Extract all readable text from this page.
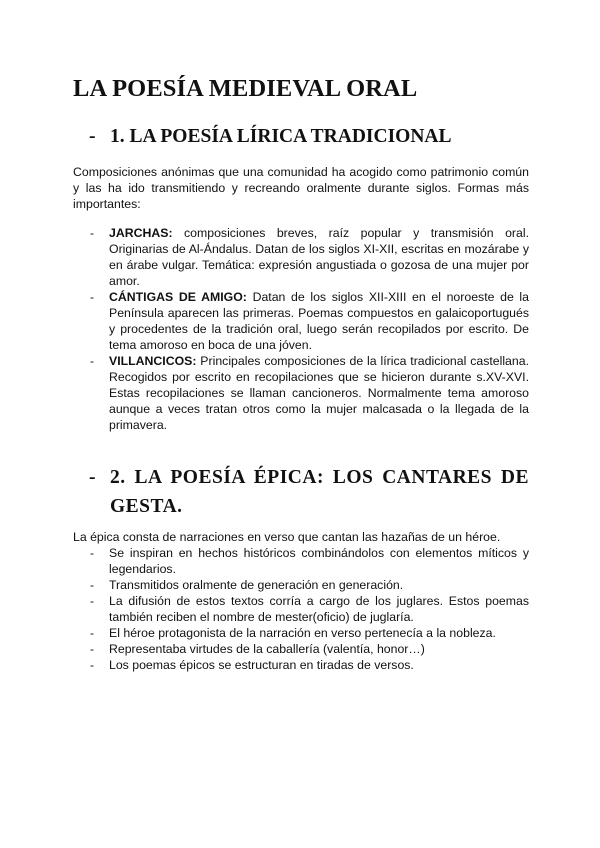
LA POESÍA MEDIEVAL ORAL
- 1. LA POESÍA LÍRICA TRADICIONAL

Composiciones anónimas que una comunidad ha acogido como patrimonio común y las ha ido transmitiendo y recreando oralmente durante siglos. Formas más importantes:

- JARCHAS: composiciones breves, raíz popular y transmisión oral. Originarias de Al-Ándalus. Datan de los siglos XI-XII, escritas en mozárabe y en árabe vulgar. Temática: expresión angustiada o gozosa de una mujer por amor.
- CÁNTIGAS DE AMIGO: Datan de los siglos XII-XIII en el noroeste de la Península aparecen las primeras. Poemas compuestos en galaicoportugués y procedentes de la tradición oral, luego serán recopilados por escrito. De tema amoroso en boca de una jóven.
- VILLANCICOS: Principales composiciones de la lírica tradicional castellana. Recogidos por escrito en recopilaciones que se hicieron durante s.XV-XVI. Estas recopilaciones se llaman cancioneros. Normalmente tema amoroso aunque a veces tratan otros como la mujer malcasada o la llegada de la primavera.
- 2. LA POESÍA ÉPICA: LOS CANTARES DE GESTA.

La épica consta de narraciones en verso que cantan las hazañas de un héroe.

- Se inspiran en hechos históricos combinándolos con elementos míticos y legendarios.
- Transmitidos oralmente de generación en generación.
- La difusión de estos textos corría a cargo de los juglares. Estos poemas también reciben el nombre de mester(oficio) de juglaría.
- El héroe protagonista de la narración en verso pertenecía a la nobleza.
- Representaba virtudes de la caballería (valentía, honor…)
- Los poemas épicos se estructuran en tiradas de versos.
